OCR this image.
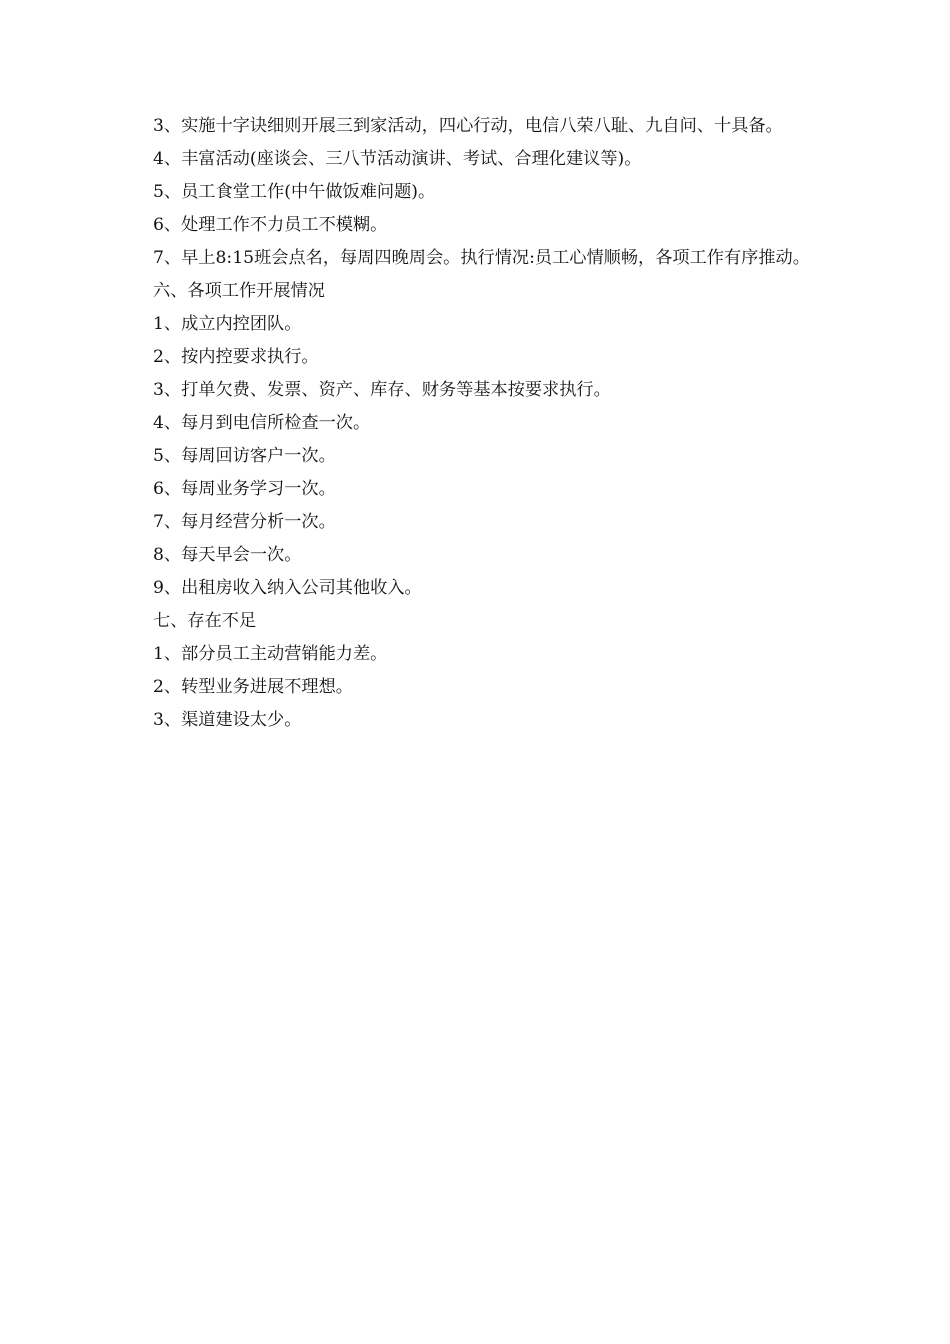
3、实施十字诀细则开展三到家活动，四心行动，电信八荣八耻、九自问、十具备。

4、丰富活动(座谈会、三八节活动演讲、考试、合理化建议等)。

5、员工食堂工作(中午做饭难问题)。

6、处理工作不力员工不模糊。

7、早上8:15班会点名，每周四晚周会。执行情况:员工心情顺畅，各项工作有序推动。

六、各项工作开展情况

1、成立内控团队。

2、按内控要求执行。

3、打单欠费、发票、资产、库存、财务等基本按要求执行。

4、每月到电信所检查一次。

5、每周回访客户一次。

6、每周业务学习一次。

7、每月经营分析一次。

8、每天早会一次。

9、出租房收入纳入公司其他收入。

七、存在不足

1、部分员工主动营销能力差。

2、转型业务进展不理想。

3、渠道建设太少。
